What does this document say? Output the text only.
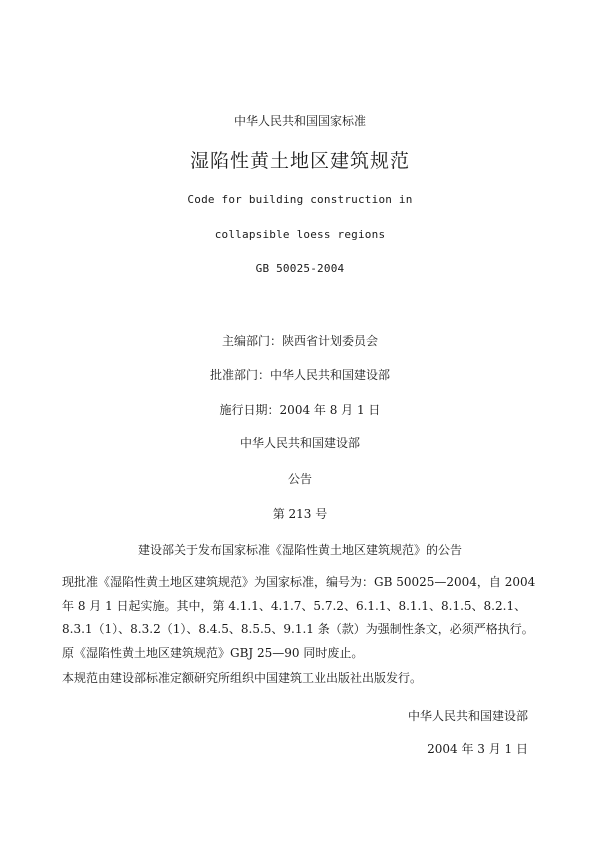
中华人民共和国国家标准
湿陷性黄土地区建筑规范
Code for building construction in
collapsible loess regions
GB 50025-2004
主编部门：陕西省计划委员会
批准部门：中华人民共和国建设部
施行日期：2004 年 8 月 1 日
中华人民共和国建设部
公告
第 213 号
建设部关于发布国家标准《湿陷性黄土地区建筑规范》的公告
现批准《湿陷性黄土地区建筑规范》为国家标准，编号为：GB 50025—2004，自 2004 年 8 月 1 日起实施。其中，第 4.1.1、4.1.7、5.7.2、6.1.1、8.1.1、8.1.5、8.2.1、8.3.1（1）、8.3.2（1）、8.4.5、8.5.5、9.1.1 条（款）为强制性条文，必须严格执行。原《湿陷性黄土地区建筑规范》GBJ 25—90 同时废止。
本规范由建设部标准定额研究所组织中国建筑工业出版社出版发行。
中华人民共和国建设部
2004 年 3 月 1 日
